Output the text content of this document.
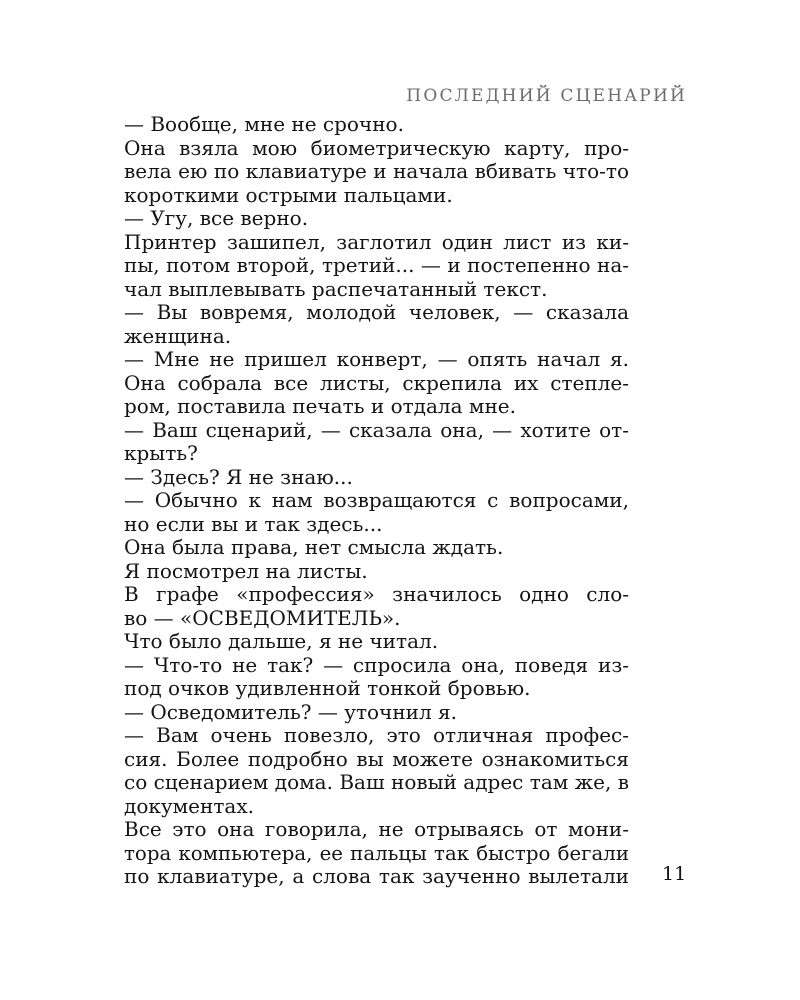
ПОСЛЕДНИЙ СЦЕНАРИЙ
— Вообще, мне не срочно.
Она взяла мою биометрическую карту, про-
вела ею по клавиатуре и начала вбивать что-то
короткими острыми пальцами.
— Угу, все верно.
Принтер зашипел, заглотил один лист из ки-
пы, потом второй, третий... — и постепенно на-
чал выплевывать распечатанный текст.
— Вы вовремя, молодой человек, — сказала
женщина.
— Мне не пришел конверт, — опять начал я.
Она собрала все листы, скрепила их степле-
ром, поставила печать и отдала мне.
— Ваш сценарий, — сказала она, — хотите от-
крыть?
— Здесь? Я не знаю...
— Обычно к нам возвращаются с вопросами,
но если вы и так здесь...
Она была права, нет смысла ждать.
Я посмотрел на листы.
В графе «профессия» значилось одно сло-
во — «ОСВЕДОМИТЕЛЬ».
Что было дальше, я не читал.
— Что-то не так? — спросила она, поведя из-
под очков удивленной тонкой бровью.
— Осведомитель? — уточнил я.
— Вам очень повезло, это отличная профес-
сия. Более подробно вы можете ознакомиться
со сценарием дома. Ваш новый адрес там же, в
документах.
Все это она говорила, не отрываясь от мони-
тора компьютера, ее пальцы так быстро бегали
по клавиатуре, а слова так заученно вылетали 11
